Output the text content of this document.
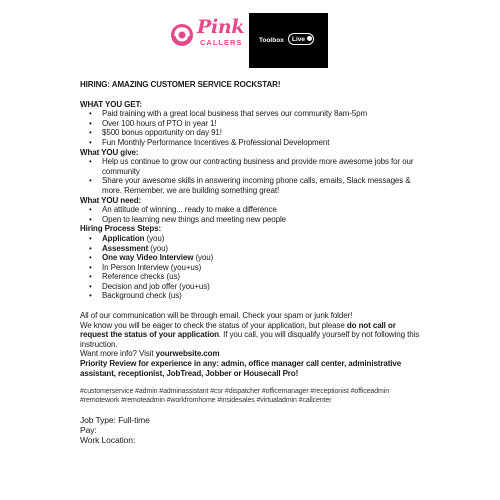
Pink
CALLERS	Toolbox	Live
HIRING: AMAZING CUSTOMER SERVICE ROCKSTAR!
WHAT YOU GET:
• Paid training with a great local business that serves our community 8am-5pm
• Over 100 hours of PTO in year 1!
• $500 bonus opportunity on day 91!
• Fun Monthly Performance Incentives & Professional Development
What YOU give:
• Help us continue to grow our contracting business and provide more awesome jobs for our community
• Share your awesome skills in answering incoming phone calls, emails, Slack messages & more. Remember, we are building something great!
What YOU need:
• An attitude of winning... ready to make a difference
• Open to learning new things and meeting new people
Hiring Process Steps:
• Application (you)
• Assessment (you)
• One way Video Interview (you)
• In Person Interview (you+us)
• Reference checks (us)
• Decision and job offer (you+us)
• Background check (us)
All of our communication will be through email. Check your spam or junk folder!
We know you will be eager to check the status of your application, but please do not call or request the status of your application. If you call, you will disqualify yourself by not following this instruction.
Want more info? Visit yourwebsite.com
Priority Review for experience in any: admin, office manager call center, administrative assistant, receptionist, JobTread, Jobber or Housecall Pro!
#customerservice #admin #adminassistant #csr #dispatcher #officemanager #receptionist #officeadmin #remotework #remoteadmin #workfromhome #insidesales #virtualadmin #callcenter
Job Type: Full-time
Pay:
Work Location:
